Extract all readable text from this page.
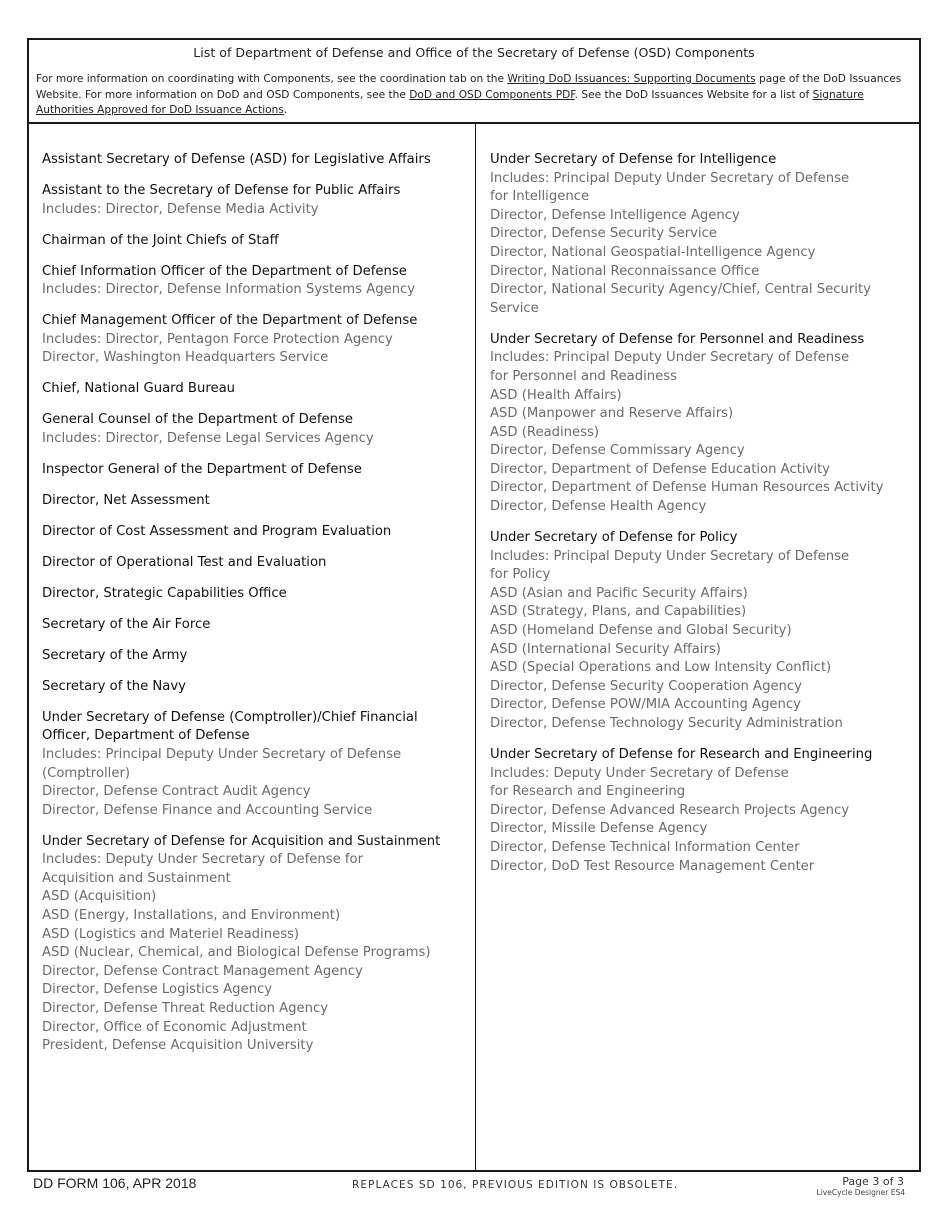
List of Department of Defense and Office of the Secretary of Defense (OSD) Components
For more information on coordinating with Components, see the coordination tab on the Writing DoD Issuances: Supporting Documents page of the DoD Issuances Website. For more information on DoD and OSD Components, see the DoD and OSD Components PDF. See the DoD Issuances Website for a list of Signature Authorities Approved for DoD Issuance Actions.
Assistant Secretary of Defense (ASD) for Legislative Affairs
Assistant to the Secretary of Defense for Public Affairs
Includes: Director, Defense Media Activity
Chairman of the Joint Chiefs of Staff
Chief Information Officer of the Department of Defense
Includes: Director, Defense Information Systems Agency
Chief Management Officer of the Department of Defense
Includes: Director, Pentagon Force Protection Agency
Director, Washington Headquarters Service
Chief, National Guard Bureau
General Counsel of the Department of Defense
Includes: Director, Defense Legal Services Agency
Inspector General of the Department of Defense
Director, Net Assessment
Director of Cost Assessment and Program Evaluation
Director of Operational Test and Evaluation
Director, Strategic Capabilities Office
Secretary of the Air Force
Secretary of the Army
Secretary of the Navy
Under Secretary of Defense (Comptroller)/Chief Financial Officer, Department of Defense
Includes: Principal Deputy Under Secretary of Defense (Comptroller)
Director, Defense Contract Audit Agency
Director, Defense Finance and Accounting Service
Under Secretary of Defense for Acquisition and Sustainment
Includes: Deputy Under Secretary of Defense for
Acquisition and Sustainment
ASD (Acquisition)
ASD (Energy, Installations, and Environment)
ASD (Logistics and Materiel Readiness)
ASD (Nuclear, Chemical, and Biological Defense Programs)
Director, Defense Contract Management Agency
Director, Defense Logistics Agency
Director, Defense Threat Reduction Agency
Director, Office of Economic Adjustment
President, Defense Acquisition University
Under Secretary of Defense for Intelligence
Includes: Principal Deputy Under Secretary of Defense
for Intelligence
Director, Defense Intelligence Agency
Director, Defense Security Service
Director, National Geospatial-Intelligence Agency
Director, National Reconnaissance Office
Director, National Security Agency/Chief, Central Security Service
Under Secretary of Defense for Personnel and Readiness
Includes: Principal Deputy Under Secretary of Defense
for Personnel and Readiness
ASD (Health Affairs)
ASD (Manpower and Reserve Affairs)
ASD (Readiness)
Director, Defense Commissary Agency
Director, Department of Defense Education Activity
Director, Department of Defense Human Resources Activity
Director, Defense Health Agency
Under Secretary of Defense for Policy
Includes: Principal Deputy Under Secretary of Defense
for Policy
ASD (Asian and Pacific Security Affairs)
ASD (Strategy, Plans, and Capabilities)
ASD (Homeland Defense and Global Security)
ASD (International Security Affairs)
ASD (Special Operations and Low Intensity Conflict)
Director, Defense Security Cooperation Agency
Director, Defense POW/MIA Accounting Agency
Director, Defense Technology Security Administration
Under Secretary of Defense for Research and Engineering
Includes: Deputy Under Secretary of Defense
for Research and Engineering
Director, Defense Advanced Research Projects Agency
Director, Missile Defense Agency
Director, Defense Technical Information Center
Director, DoD Test Resource Management Center
DD FORM 106, APR 2018	REPLACES SD 106, PREVIOUS EDITION IS OBSOLETE.	Page 3 of 3
LiveCycle Designer ES4
